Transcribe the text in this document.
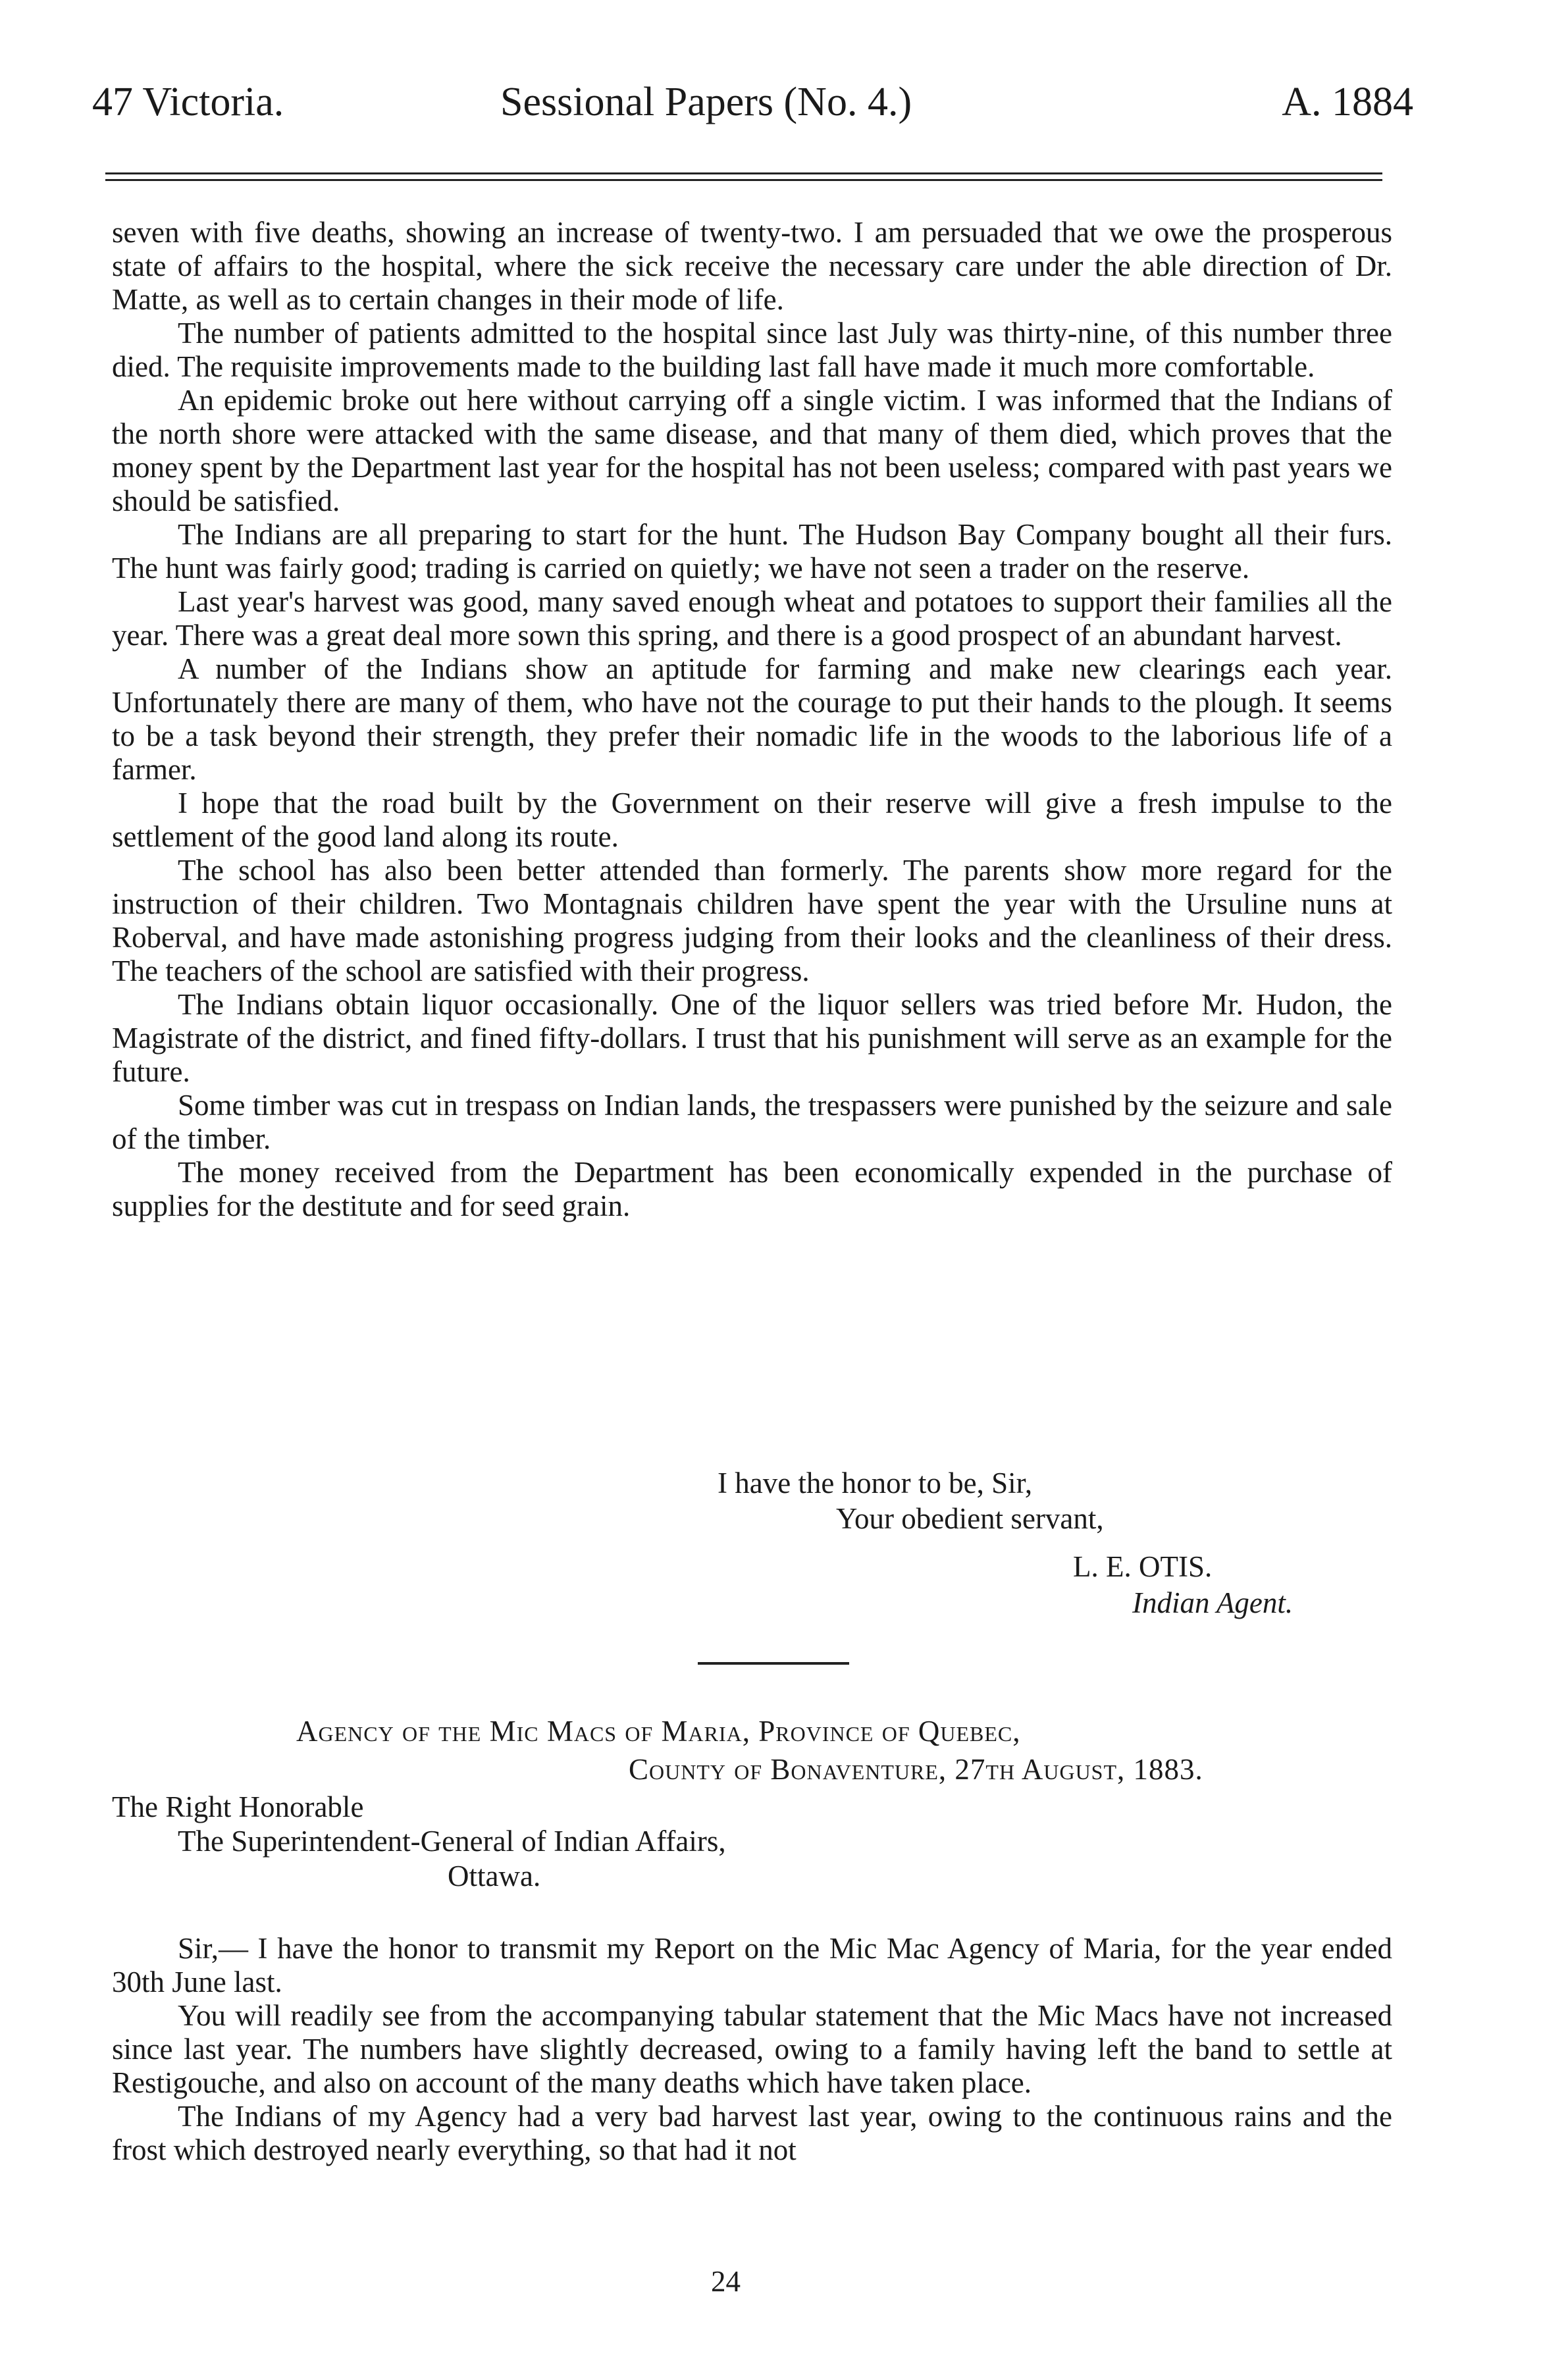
47 Victoria.	Sessional Papers (No. 4.)	A. 1884

seven with five deaths, showing an increase of twenty-two. I am persuaded that we owe the prosperous state of affairs to the hospital, where the sick receive the necessary care under the able direction of Dr. Matte, as well as to certain changes in their mode of life.

The number of patients admitted to the hospital since last July was thirty-nine, of this number three died. The requisite improvements made to the building last fall have made it much more comfortable.

An epidemic broke out here without carrying off a single victim. I was informed that the Indians of the north shore were attacked with the same disease, and that many of them died, which proves that the money spent by the Department last year for the hospital has not been useless; compared with past years we should be satisfied.

The Indians are all preparing to start for the hunt. The Hudson Bay Company bought all their furs. The hunt was fairly good; trading is carried on quietly; we have not seen a trader on the reserve.

Last year's harvest was good, many saved enough wheat and potatoes to support their families all the year. There was a great deal more sown this spring, and there is a good prospect of an abundant harvest.

A number of the Indians show an aptitude for farming and make new clearings each year. Unfortunately there are many of them, who have not the courage to put their hands to the plough. It seems to be a task beyond their strength, they prefer their nomadic life in the woods to the laborious life of a farmer.

I hope that the road built by the Government on their reserve will give a fresh impulse to the settlement of the good land along its route.

The school has also been better attended than formerly. The parents show more regard for the instruction of their children. Two Montagnais children have spent the year with the Ursuline nuns at Roberval, and have made astonishing progress judging from their looks and the cleanliness of their dress. The teachers of the school are satisfied with their progress.

The Indians obtain liquor occasionally. One of the liquor sellers was tried before Mr. Hudon, the Magistrate of the district, and fined fifty-dollars. I trust that his punishment will serve as an example for the future.

Some timber was cut in trespass on Indian lands, the trespassers were punished by the seizure and sale of the timber.

The money received from the Department has been economically expended in the purchase of supplies for the destitute and for seed grain.

I have the honor to be, Sir,
Your obedient servant,
L. E. OTIS.
Indian Agent.
Agency of the Mic Macs of Maria, Province of Quebec,
County of Bonaventure, 27th August, 1883.
The Right Honorable
The Superintendent-General of Indian Affairs,
Ottawa.

Sir,— I have the honor to transmit my Report on the Mic Mac Agency of Maria, for the year ended 30th June last.

You will readily see from the accompanying tabular statement that the Mic Macs have not increased since last year. The numbers have slightly decreased, owing to a family having left the band to settle at Restigouche, and also on account of the many deaths which have taken place.

The Indians of my Agency had a very bad harvest last year, owing to the continuous rains and the frost which destroyed nearly everything, so that had it not

24
